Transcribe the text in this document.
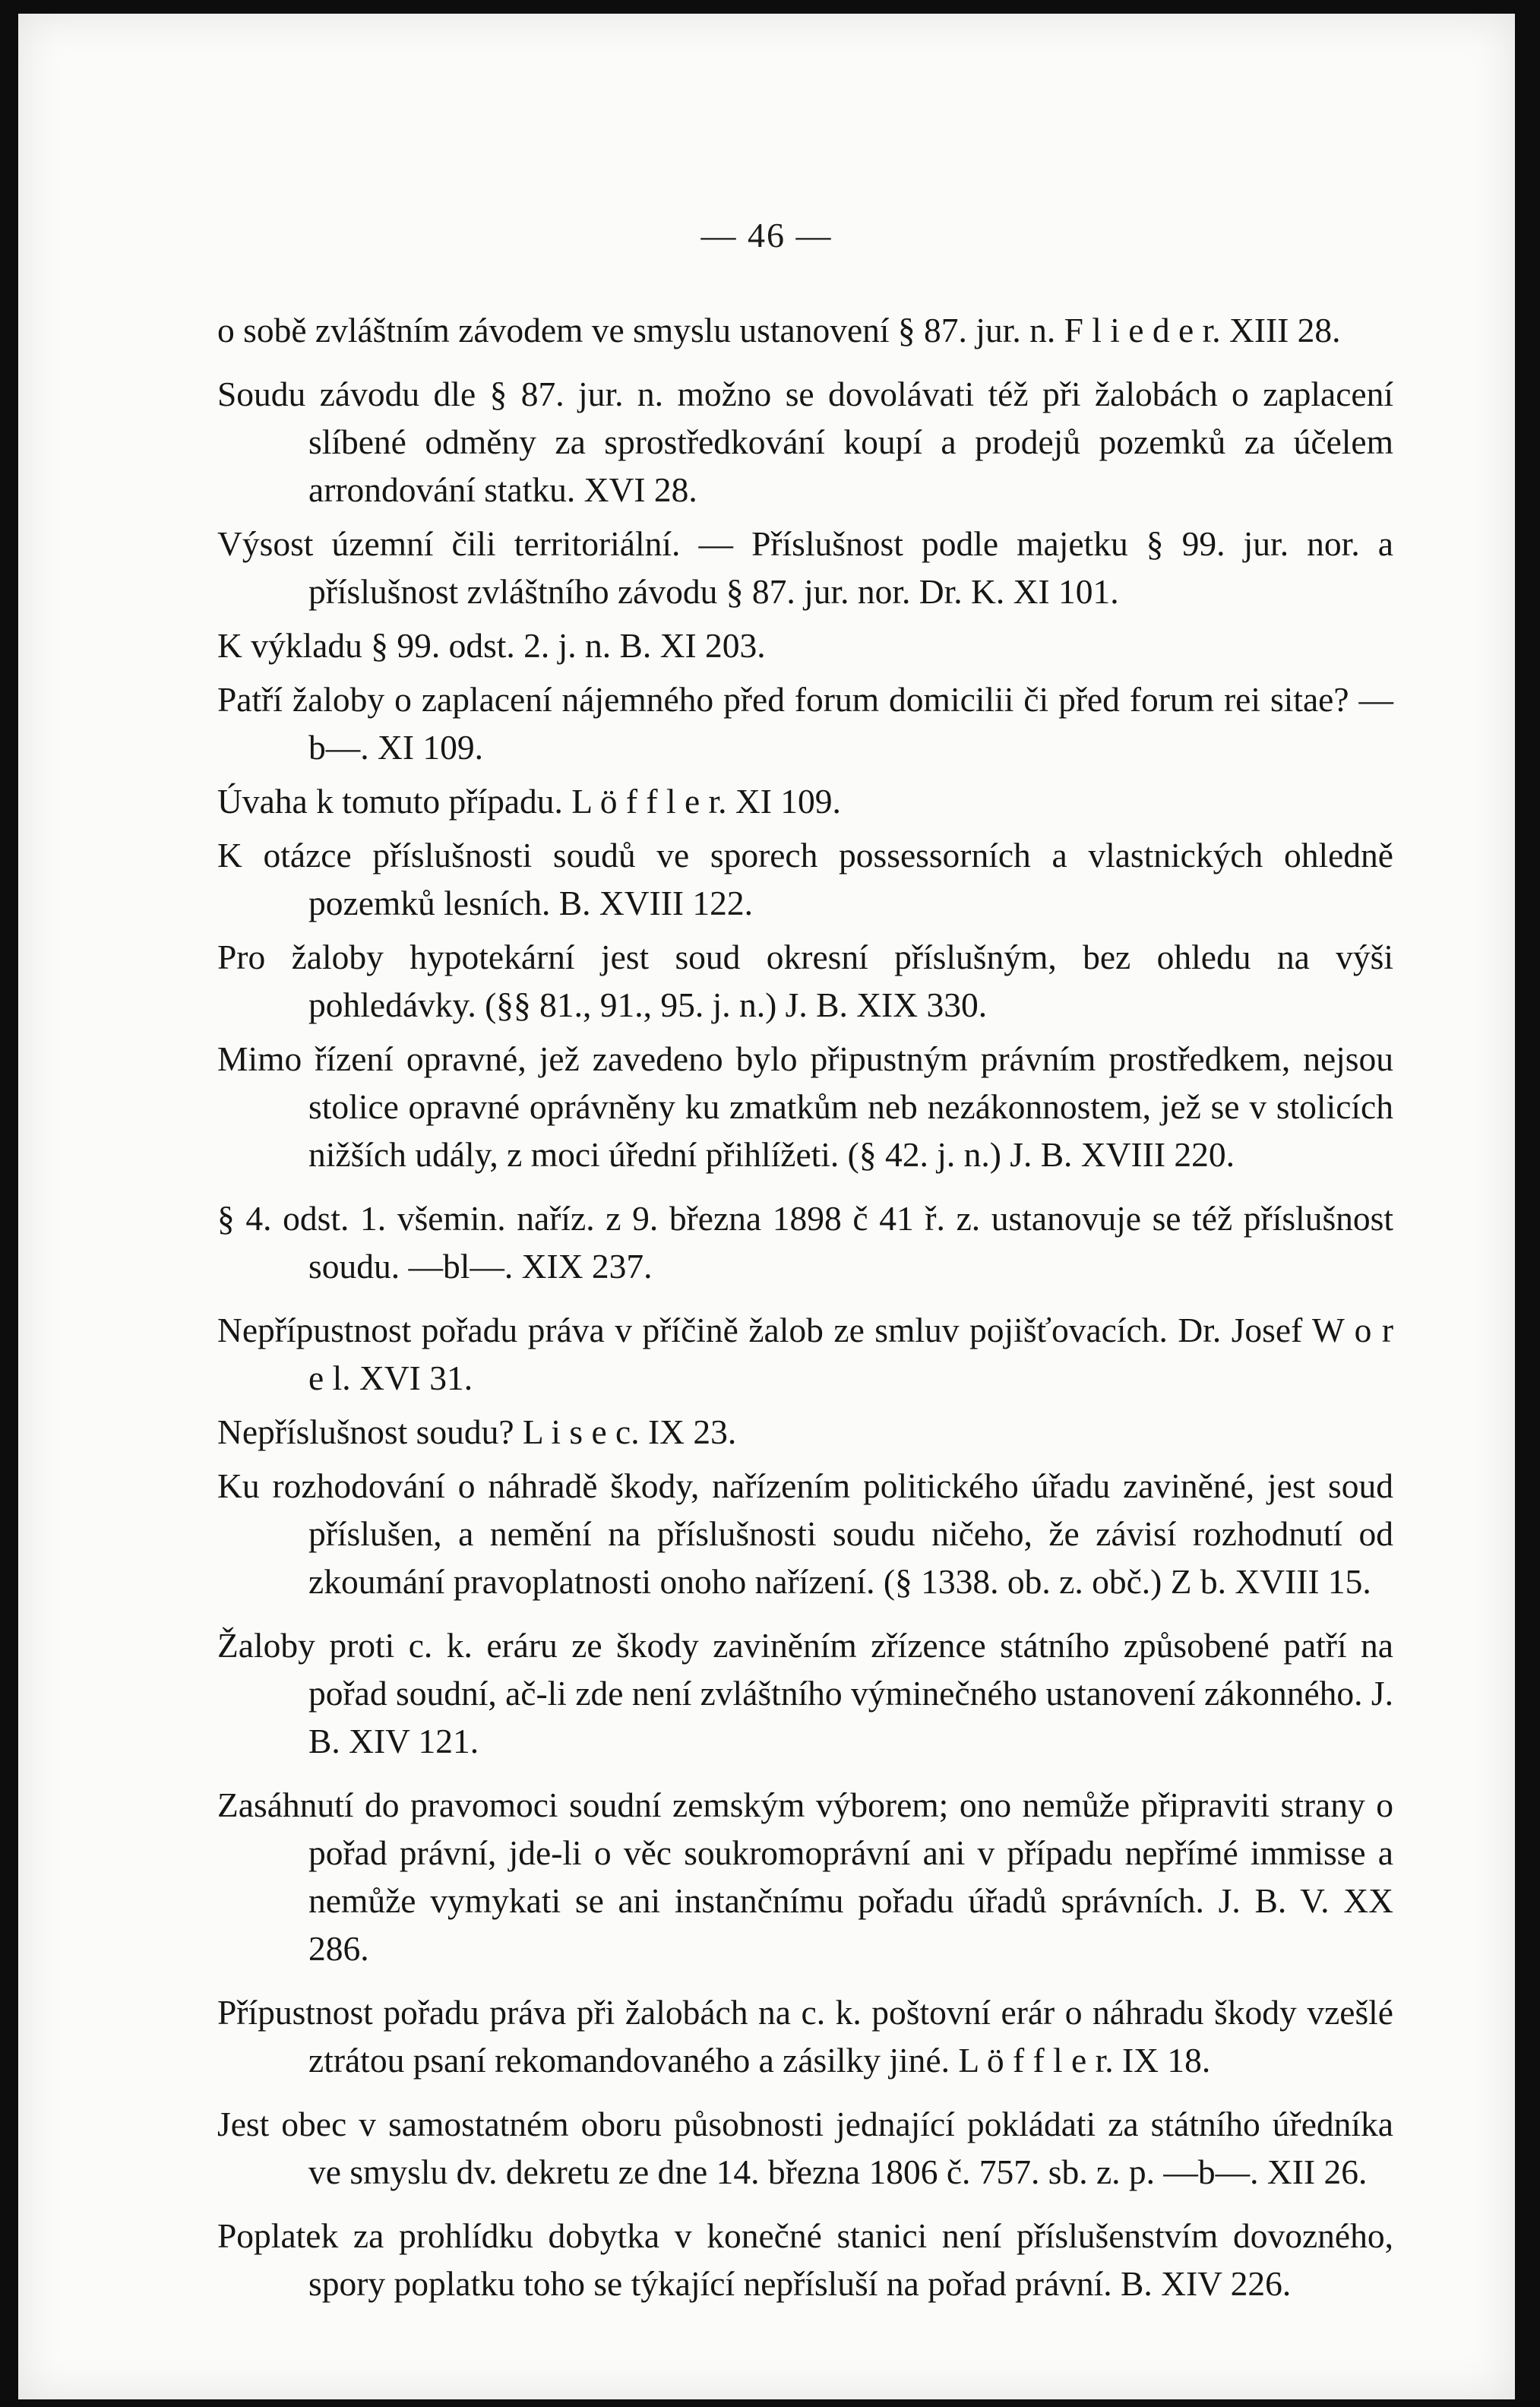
— 46 —

o sobě zvláštním závodem ve smyslu ustanovení § 87. jur. n. F l i e d e r. XIII 28.

Soudu závodu dle § 87. jur. n. možno se dovolávati též při žalobách o zaplacení slíbené odměny za sprostředkování koupí a prodejů pozemků za účelem arrondování statku. XVI 28.

Výsost územní čili territoriální. — Příslušnost podle majetku § 99. jur. nor. a příslušnost zvláštního závodu § 87. jur. nor. Dr. K. XI 101.

K výkladu § 99. odst. 2. j. n. B. XI 203.

Patří žaloby o zaplacení nájemného před forum domicilii či před forum rei sitae? —b—. XI 109.

Úvaha k tomuto případu. L ö f f l e r. XI 109.

K otázce příslušnosti soudů ve sporech possessorních a vlastnických ohledně pozemků lesních. B. XVIII 122.

Pro žaloby hypotekární jest soud okresní příslušným, bez ohledu na výši pohledávky. (§§ 81., 91., 95. j. n.) J. B. XIX 330.

Mimo řízení opravné, jež zavedeno bylo připustným právním prostředkem, nejsou stolice opravné oprávněny ku zmatkům neb nezákonnostem, jež se v stolicích nižších udály, z moci úřední přihlížeti. (§ 42. j. n.) J. B. XVIII 220.

§ 4. odst. 1. všemin. naříz. z 9. března 1898 č 41 ř. z. ustanovuje se též příslušnost soudu. —bl—. XIX 237.

Nepřípustnost pořadu práva v příčině žalob ze smluv pojišťovacích. Dr. Josef W o r e l. XVI 31.

Nepříslušnost soudu? L i s e c. IX 23.

Ku rozhodování o náhradě škody, nařízením politického úřadu zaviněné, jest soud příslušen, a nemění na příslušnosti soudu ničeho, že závisí rozhodnutí od zkoumání pravoplatnosti onoho nařízení. (§ 1338. ob. z. obč.) Z b. XVIII 15.

Žaloby proti c. k. eráru ze škody zaviněním zřízence státního způsobené patří na pořad soudní, ač-li zde není zvláštního výminečného ustanovení zákonného. J. B. XIV 121.

Zasáhnutí do pravomoci soudní zemským výborem; ono nemůže připraviti strany o pořad právní, jde-li o věc soukromoprávní ani v případu nepřímé immisse a nemůže vymykati se ani instančnímu pořadu úřadů správních. J. B. V. XX 286.

Přípustnost pořadu práva při žalobách na c. k. poštovní erár o náhradu škody vzešlé ztrátou psaní rekomandovaného a zásilky jiné. L ö f f l e r. IX 18.

Jest obec v samostatném oboru působnosti jednající pokládati za státního úředníka ve smyslu dv. dekretu ze dne 14. března 1806 č. 757. sb. z. p. —b—. XII 26.

Poplatek za prohlídku dobytka v konečné stanici není příslušenstvím dovozného, spory poplatku toho se týkající nepřísluší na pořad právní. B. XIV 226.
